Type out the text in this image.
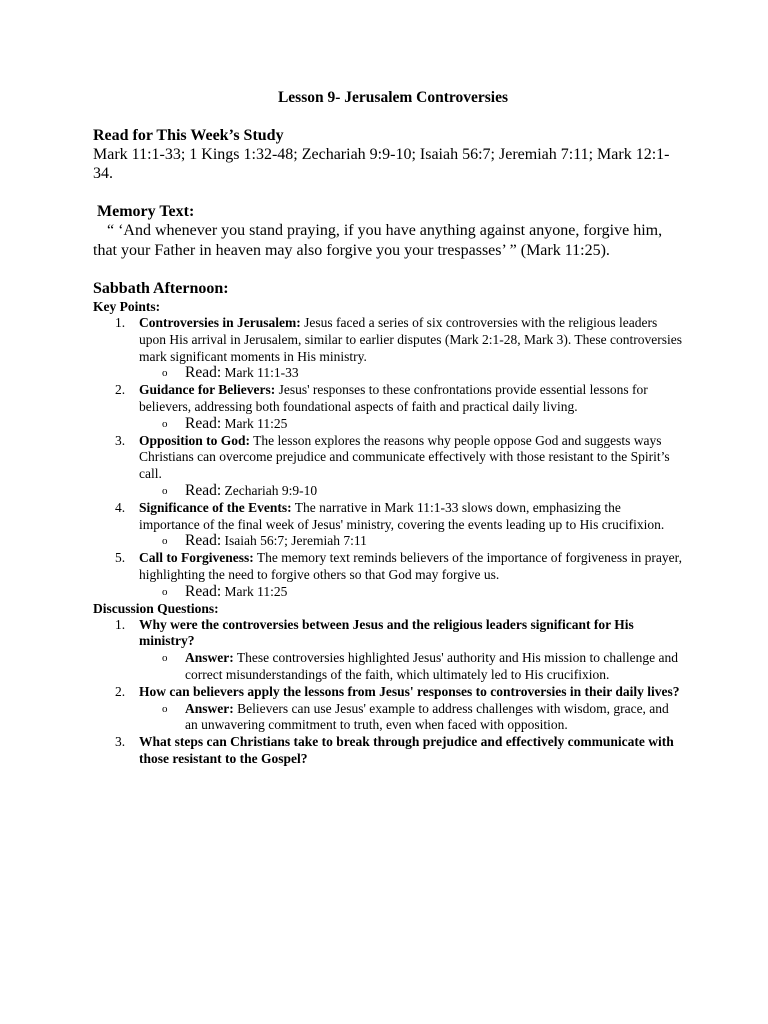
Lesson 9- Jerusalem Controversies
Read for This Week’s Study
Mark 11:1-33; 1 Kings 1:32-48; Zechariah 9:9-10; Isaiah 56:7; Jeremiah 7:11; Mark 12:1-34.
Memory Text:
“ ‘And whenever you stand praying, if you have anything against anyone, forgive him, that your Father in heaven may also forgive you your trespasses’ ” (Mark 11:25).
Sabbath Afternoon:
Key Points:
1. Controversies in Jerusalem: Jesus faced a series of six controversies with the religious leaders upon His arrival in Jerusalem, similar to earlier disputes (Mark 2:1-28, Mark 3). These controversies mark significant moments in His ministry.
o Read: Mark 11:1-33
2. Guidance for Believers: Jesus' responses to these confrontations provide essential lessons for believers, addressing both foundational aspects of faith and practical daily living.
o Read: Mark 11:25
3. Opposition to God: The lesson explores the reasons why people oppose God and suggests ways Christians can overcome prejudice and communicate effectively with those resistant to the Spirit’s call.
o Read: Zechariah 9:9-10
4. Significance of the Events: The narrative in Mark 11:1-33 slows down, emphasizing the importance of the final week of Jesus' ministry, covering the events leading up to His crucifixion.
o Read: Isaiah 56:7; Jeremiah 7:11
5. Call to Forgiveness: The memory text reminds believers of the importance of forgiveness in prayer, highlighting the need to forgive others so that God may forgive us.
o Read: Mark 11:25
Discussion Questions:
1. Why were the controversies between Jesus and the religious leaders significant for His ministry?
o Answer: These controversies highlighted Jesus' authority and His mission to challenge and correct misunderstandings of the faith, which ultimately led to His crucifixion.
2. How can believers apply the lessons from Jesus' responses to controversies in their daily lives?
o Answer: Believers can use Jesus' example to address challenges with wisdom, grace, and an unwavering commitment to truth, even when faced with opposition.
3. What steps can Christians take to break through prejudice and effectively communicate with those resistant to the Gospel?
